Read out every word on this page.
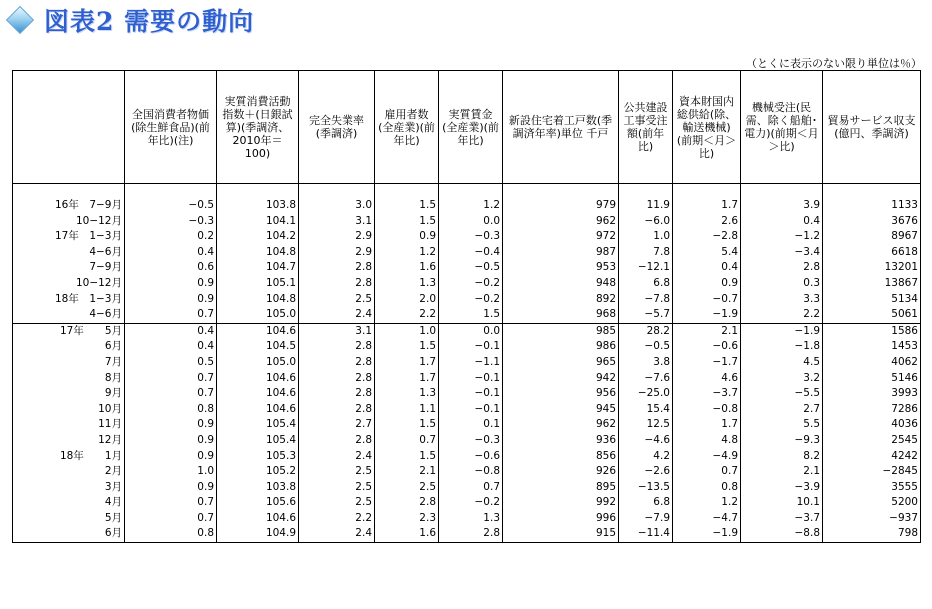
図表2 需要の動向
（とくに表示のない限り単位は％）
	全国消費者物価(除生鮮食品)(前年比)(注)	実質消費活動指数＋(日銀試算)(季調済、2010年＝100)	完全失業率(季調済)	雇用者数(全産業)(前年比)	実質賃金(全産業)(前年比)	新設住宅着工戸数(季調済年率)単位 千戸	公共建設工事受注額(前年比)	資本財国内総供給(除、輸送機械)(前期＜月＞比)	機械受注(民需、除く船舶･電力)(前期＜月＞比)	貿易サービス収支(億円、季調済)

16年　7−9月	−0.5	103.8	3.0	1.5	1.2	979	11.9	1.7	3.9	1133
10−12月	−0.3	104.1	3.1	1.5	0.0	962	−6.0	2.6	0.4	3676
17年　1−3月	0.2	104.2	2.9	0.9	−0.3	972	1.0	−2.8	−1.2	8967
4−6月	0.4	104.8	2.9	1.2	−0.4	987	7.8	5.4	−3.4	6618
7−9月	0.6	104.7	2.8	1.6	−0.5	953	−12.1	0.4	2.8	13201
10−12月	0.9	105.1	2.8	1.3	−0.2	948	6.8	0.9	0.3	13867
18年　1−3月	0.9	104.8	2.5	2.0	−0.2	892	−7.8	−0.7	3.3	5134
4−6月	0.7	105.0	2.4	2.2	1.5	968	−5.7	−1.9	2.2	5061
17年　　5月	0.4	104.6	3.1	1.0	0.0	985	28.2	2.1	−1.9	1586
6月	0.4	104.5	2.8	1.5	−0.1	986	−0.5	−0.6	−1.8	1453
7月	0.5	105.0	2.8	1.7	−1.1	965	3.8	−1.7	4.5	4062
8月	0.7	104.6	2.8	1.7	−0.1	942	−7.6	4.6	3.2	5146
9月	0.7	104.6	2.8	1.3	−0.1	956	−25.0	−3.7	−5.5	3993
10月	0.8	104.6	2.8	1.1	−0.1	945	15.4	−0.8	2.7	7286
11月	0.9	105.4	2.7	1.5	0.1	962	12.5	1.7	5.5	4036
12月	0.9	105.4	2.8	0.7	−0.3	936	−4.6	4.8	−9.3	2545
18年　　1月	0.9	105.3	2.4	1.5	−0.6	856	4.2	−4.9	8.2	4242
2月	1.0	105.2	2.5	2.1	−0.8	926	−2.6	0.7	2.1	−2845
3月	0.9	103.8	2.5	2.5	0.7	895	−13.5	0.8	−3.9	3555
4月	0.7	105.6	2.5	2.8	−0.2	992	6.8	1.2	10.1	5200
5月	0.7	104.6	2.2	2.3	1.3	996	−7.9	−4.7	−3.7	−937
6月	0.8	104.9	2.4	1.6	2.8	915	−11.4	−1.9	−8.8	798
